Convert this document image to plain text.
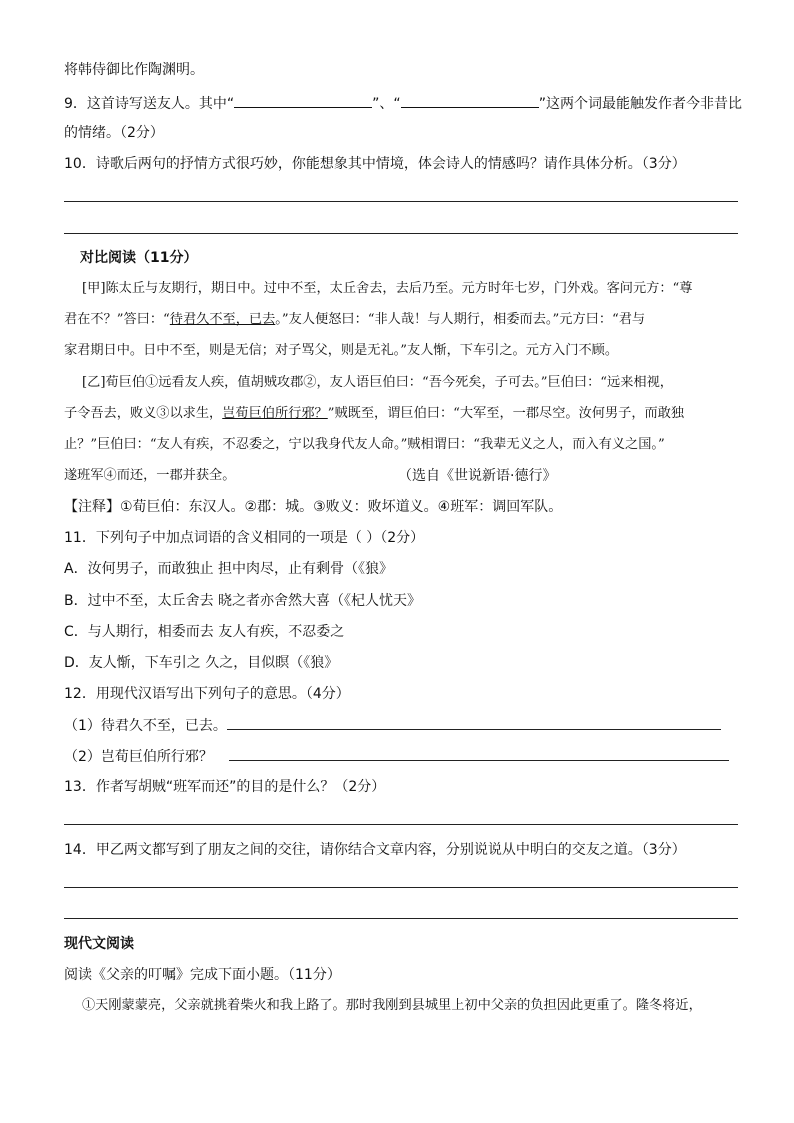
将韩侍御比作陶渊明。
9．这首诗写送友人。其中“	”、“	”这两个词最能触发作者今非昔比
的情绪。（2分）
10．诗歌后两句的抒情方式很巧妙，你能想象其中情境，体会诗人的情感吗？请作具体分析。（3分）
对比阅读（11分）
[甲]陈太丘与友期行，期日中。过中不至，太丘舍去，去后乃至。元方时年七岁，门外戏。客问元方：“尊
君在不？”答曰：“待君久不至，已去。”友人便怒曰：“非人哉！与人期行，相委而去。”元方曰：“君与
家君期日中。日中不至，则是无信；对子骂父，则是无礼。”友人惭，下车引之。元方入门不顾。
[乙]荀巨伯①远看友人疾，值胡贼攻郡②，友人语巨伯曰：“吾今死矣，子可去。”巨伯曰：“远来相视，
子令吾去，败义③以求生，岂荀巨伯所行邪？”贼既至，谓巨伯曰：“大军至，一郡尽空。汝何男子，而敢独
止？”巨伯曰：“友人有疾，不忍委之，宁以我身代友人命。”贼相谓曰：“我辈无义之人，而入有义之国。”
遂班军④而还，一郡并获全。	（选自《世说新语·德行》
【注释】①荀巨伯：东汉人。②郡：城。③败义：败坏道义。④班军：调回军队。
11．下列句子中加点词语的含义相同的一项是（ ）（2分）
A．汝何男子，而敢独止 担中肉尽，止有剩骨（《狼》
B．过中不至，太丘舍去 晓之者亦舍然大喜（《杞人忧天》
C．与人期行，相委而去 友人有疾，不忍委之
D．友人惭，下车引之 久之，目似瞑（《狼》
12．用现代汉语写出下列句子的意思。（4分）
（1）待君久不至，已去。
（2）岂荀巨伯所行邪？
13．作者写胡贼“班军而还”的目的是什么？（2分）
14．甲乙两文都写到了朋友之间的交往，请你结合文章内容，分别说说从中明白的交友之道。（3分）
现代文阅读
阅读《父亲的叮嘱》完成下面小题。（11分）
①天刚蒙蒙亮，父亲就挑着柴火和我上路了。那时我刚到县城里上初中父亲的负担因此更重了。隆冬将近，
